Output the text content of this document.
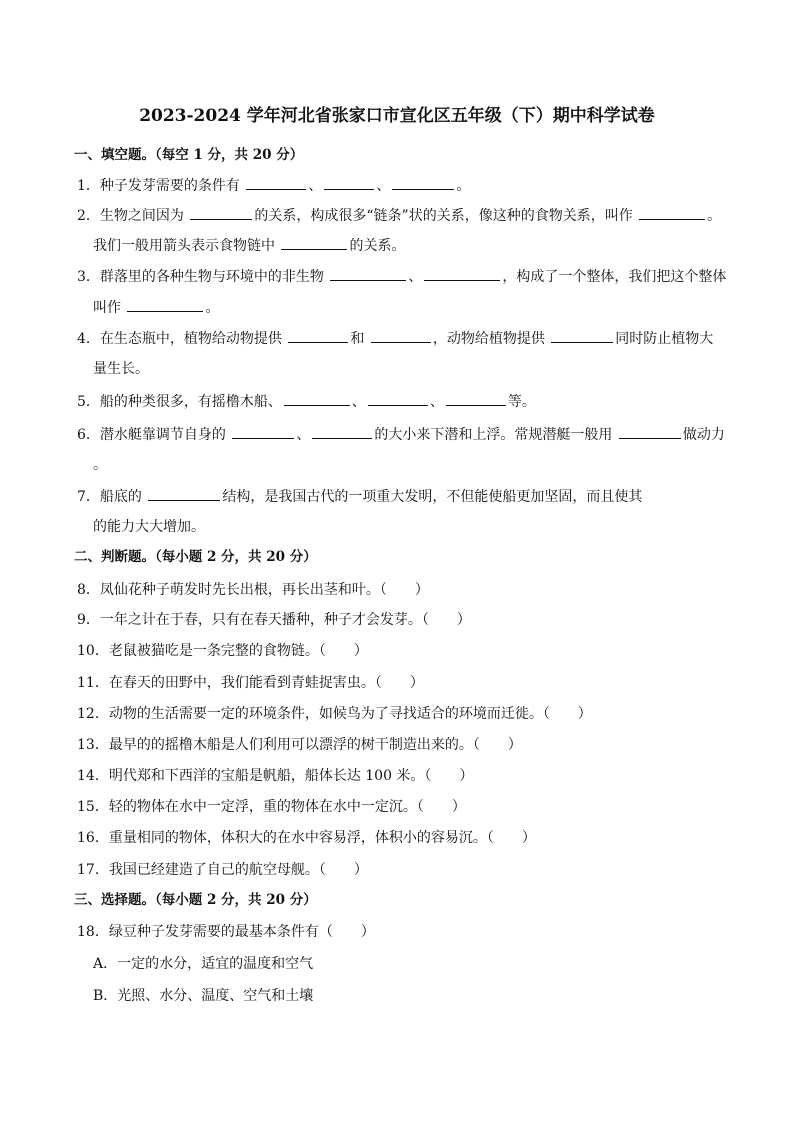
2023-2024 学年河北省张家口市宣化区五年级（下）期中科学试卷
一、填空题。（每空 1 分，共 20 分）
1．种子发芽需要的条件有	、	、	。
2．生物之间因为	的关系，构成很多“链条”状的关系，像这种的食物关系，叫作	。
我们一般用箭头表示食物链中	的关系。
3．群落里的各种生物与环境中的非生物	、	，构成了一个整体，我们把这个整体
叫作	。
4．在生态瓶中，植物给动物提供	和	，动物给植物提供	同时防止植物大
量生长。
5．船的种类很多，有摇橹木船、	、	、	等。
6．潜水艇靠调节自身的	、	的大小来下潜和上浮。常规潜艇一般用	做动力
。
7．船底的	结构，是我国古代的一项重大发明，不但能使船更加坚固，而且使其
的能力大大增加。
二、判断题。（每小题 2 分，共 20 分）
8．凤仙花种子萌发时先长出根，再长出茎和叶。（　　）
9．一年之计在于春，只有在春天播种，种子才会发芽。（　　）
10．老鼠被猫吃是一条完整的食物链。（　　）
11．在春天的田野中，我们能看到青蛙捉害虫。（　　）
12．动物的生活需要一定的环境条件，如候鸟为了寻找适合的环境而迁徙。（　　）
13．最早的的摇橹木船是人们利用可以漂浮的树干制造出来的。（　　）
14．明代郑和下西洋的宝船是帆船，船体长达 100 米。（　　）
15．轻的物体在水中一定浮，重的物体在水中一定沉。（　　）
16．重量相同的物体，体积大的在水中容易浮，体积小的容易沉。（　　）
17．我国已经建造了自己的航空母舰。（　　）
三、选择题。（每小题 2 分，共 20 分）
18．绿豆种子发芽需要的最基本条件有（　　）
A．一定的水分，适宜的温度和空气
B．光照、水分、温度、空气和土壤
